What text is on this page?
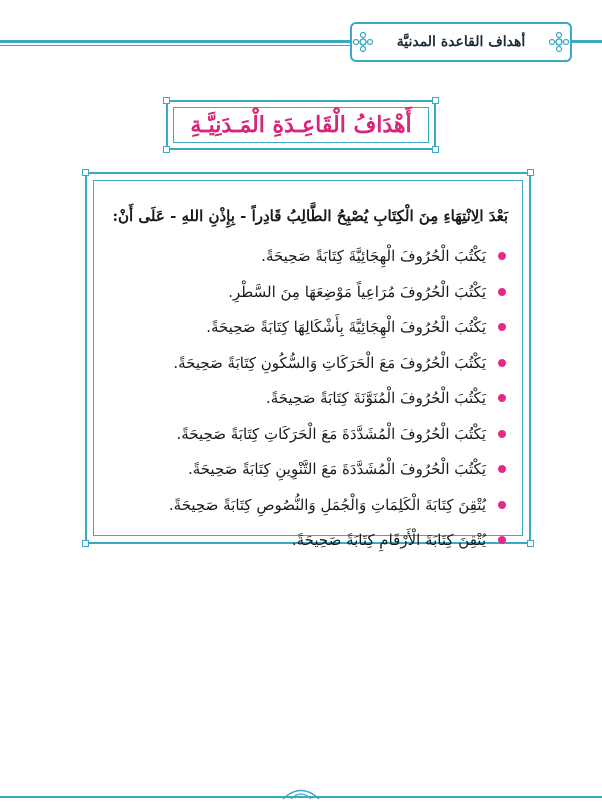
أهداف القاعدة المدنيَّة
أَهْدَافُ الْقَاعِـدَةِ الْمَـدَنِيَّـةِ
بَعْدَ الِانْتِهَاءِ مِنَ الْكِتَابِ يُصْبِحُ الطَّالِبُ قَادِراً - بِإِذْنِ اللهِ - عَلَى أَنْ:
يَكْتُبَ الْحُرُوفَ الْهِجَائِيَّةَ كِتَابَةً صَحِيحَةً.
يَكْتُبَ الْحُرُوفَ مُرَاعِياً مَوْضِعَهَا مِنَ السَّطْرِ.
يَكْتُبَ الْحُرُوفَ الْهِجَائِيَّةَ بِأَشْكَالِهَا كِتَابَةً صَحِيحَةً.
يَكْتُبَ الْحُرُوفَ مَعَ الْحَرَكَاتِ وَالسُّكُونِ كِتَابَةً صَحِيحَةً.
يَكْتُبَ الْحُرُوفَ الْمُنَوَّنَةَ كِتَابَةً صَحِيحَةً.
يَكْتُبَ الْحُرُوفَ الْمُشَدَّدَةَ مَعَ الْحَرَكَاتِ كِتَابَةً صَحِيحَةً.
يَكْتُبَ الْحُرُوفَ الْمُشَدَّدَةَ مَعَ التَّنْوِينِ كِتَابَةً صَحِيحَةً.
يُتْقِنَ كِتَابَةَ الْكَلِمَاتِ وَالْجُمَلِ وَالنُّصُوصِ كِتَابَةً صَحِيحَةً.
يُتْقِنَ كِتَابَةَ الْأَرْقَامِ كِتَابَةً صَحِيحَةً.
